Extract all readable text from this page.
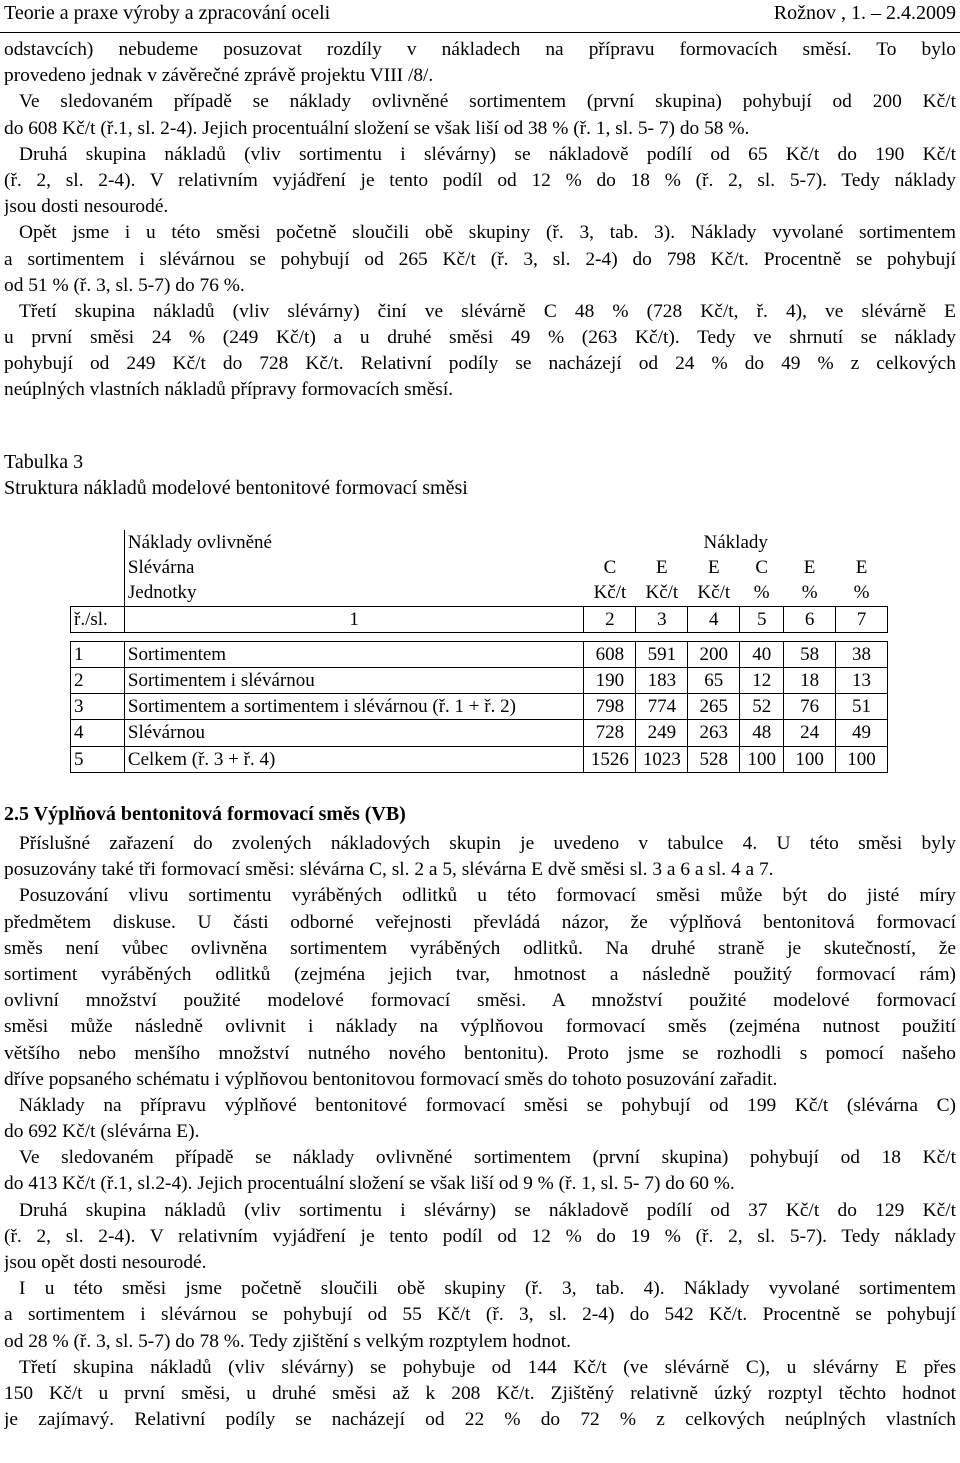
Teorie a praxe výroby a zpracování oceli	Rožnov , 1. – 2.4.2009
odstavcích) nebudeme posuzovat rozdíly v nákladech na přípravu formovacích směsí. To bylo
provedeno jednak v závěrečné zprávě projektu VIII /8/.
Ve sledovaném případě se náklady ovlivněné sortimentem (první skupina) pohybují od 200 Kč/t
do 608 Kč/t (ř.1, sl. 2-4). Jejich procentuální složení se však liší od 38 % (ř. 1, sl. 5- 7) do 58 %.
Druhá skupina nákladů (vliv sortimentu i slévárny) se nákladově podílí od 65 Kč/t do 190 Kč/t
(ř. 2, sl. 2-4). V relativním vyjádření je tento podíl od 12 % do 18 % (ř. 2, sl. 5-7). Tedy náklady
jsou dosti nesourodé.
Opět jsme i u této směsi početně sloučili obě skupiny (ř. 3, tab. 3). Náklady vyvolané sortimentem
a sortimentem i slévárnou se pohybují od 265 Kč/t (ř. 3, sl. 2-4) do 798 Kč/t. Procentně se pohybují
od 51 % (ř. 3, sl. 5-7) do 76 %.
Třetí skupina nákladů (vliv slévárny) činí ve slévárně C 48 % (728 Kč/t, ř. 4), ve slévárně E
u první směsi 24 % (249 Kč/t) a u druhé směsi 49 % (263 Kč/t). Tedy ve shrnutí se náklady
pohybují od 249 Kč/t do 728 Kč/t. Relativní podíly se nacházejí od 24 % do 49 % z celkových
neúplných vlastních nákladů přípravy formovacích směsí.
Tabulka 3
Struktura nákladů modelové bentonitové formovací směsi
	Náklady ovlivněné	Náklady					
	Slévárna	C	E	E	C	E	E
	Jednotky	Kč/t	Kč/t	Kč/t	%	%	%
ř./sl.	1	2	3	4	5	6	7

1	Sortimentem	608	591	200	40	58	38
2	Sortimentem i slévárnou	190	183	65	12	18	13
3	Sortimentem a sortimentem i slévárnou (ř. 1 + ř. 2)	798	774	265	52	76	51
4	Slévárnou	728	249	263	48	24	49
5	Celkem (ř. 3 + ř. 4)	1526	1023	528	100	100	100
2.5 Výplňová bentonitová formovací směs (VB)
Příslušné zařazení do zvolených nákladových skupin je uvedeno v tabulce 4. U této směsi byly
posuzovány také tři formovací směsi: slévárna C, sl. 2 a 5, slévárna E dvě směsi sl. 3 a 6 a sl. 4 a 7.
Posuzování vlivu sortimentu vyráběných odlitků u této formovací směsi může být do jisté míry
předmětem diskuse. U části odborné veřejnosti převládá názor, že výplňová bentonitová formovací
směs není vůbec ovlivněna sortimentem vyráběných odlitků. Na druhé straně je skutečností, že
sortiment vyráběných odlitků (zejména jejich tvar, hmotnost a následně použitý formovací rám)
ovlivní množství použité modelové formovací směsi. A množství použité modelové formovací
směsi může následně ovlivnit i náklady na výplňovou formovací směs (zejména nutnost použití
většího nebo menšího množství nutného nového bentonitu). Proto jsme se rozhodli s pomocí našeho
dříve popsaného schématu i výplňovou bentonitovou formovací směs do tohoto posuzování zařadit.
Náklady na přípravu výplňové bentonitové formovací směsi se pohybují od 199 Kč/t (slévárna C)
do 692 Kč/t (slévárna E).
Ve sledovaném případě se náklady ovlivněné sortimentem (první skupina) pohybují od 18 Kč/t
do 413 Kč/t (ř.1, sl.2-4). Jejich procentuální složení se však liší od 9 % (ř. 1, sl. 5- 7) do 60 %.
Druhá skupina nákladů (vliv sortimentu i slévárny) se nákladově podílí od 37 Kč/t do 129 Kč/t
(ř. 2, sl. 2-4). V relativním vyjádření je tento podíl od 12 % do 19 % (ř. 2, sl. 5-7). Tedy náklady
jsou opět dosti nesourodé.
I u této směsi jsme početně sloučili obě skupiny (ř. 3, tab. 4). Náklady vyvolané sortimentem
a sortimentem i slévárnou se pohybují od 55 Kč/t (ř. 3, sl. 2-4) do 542 Kč/t. Procentně se pohybují
od 28 % (ř. 3, sl. 5-7) do 78 %. Tedy zjištění s velkým rozptylem hodnot.
Třetí skupina nákladů (vliv slévárny) se pohybuje od 144 Kč/t (ve slévárně C), u slévárny E přes
150 Kč/t u první směsi, u druhé směsi až k 208 Kč/t. Zjištěný relativně úzký rozptyl těchto hodnot
je zajímavý. Relativní podíly se nacházejí od 22 % do 72 % z celkových neúplných vlastních
